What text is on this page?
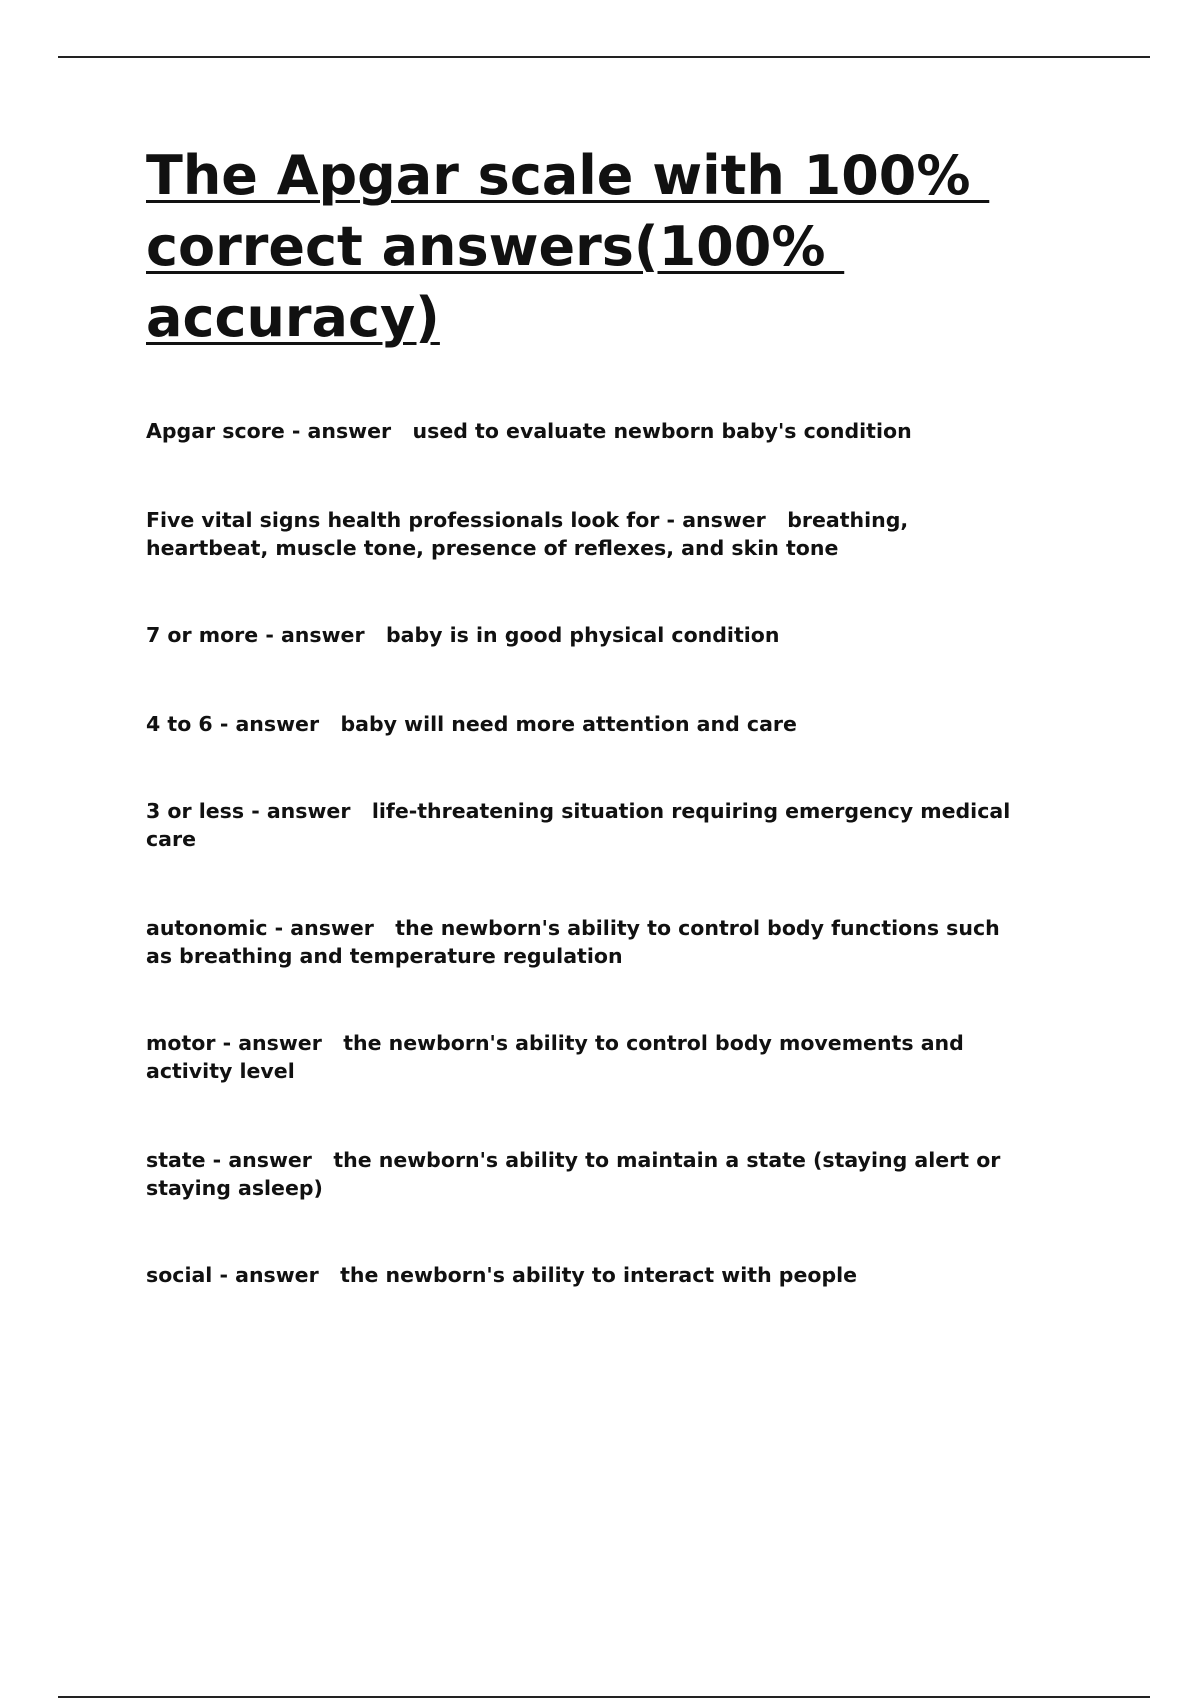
The Apgar scale with 100%
correct answers(100%
accuracy)
Apgar score - answer   used to evaluate newborn baby's condition
Five vital signs health professionals look for - answer   breathing,
heartbeat, muscle tone, presence of reflexes, and skin tone
7 or more - answer   baby is in good physical condition
4 to 6 - answer   baby will need more attention and care
3 or less - answer   life-threatening situation requiring emergency medical
care
autonomic - answer   the newborn's ability to control body functions such
as breathing and temperature regulation
motor - answer   the newborn's ability to control body movements and
activity level
state - answer   the newborn's ability to maintain a state (staying alert or
staying asleep)
social - answer   the newborn's ability to interact with people
